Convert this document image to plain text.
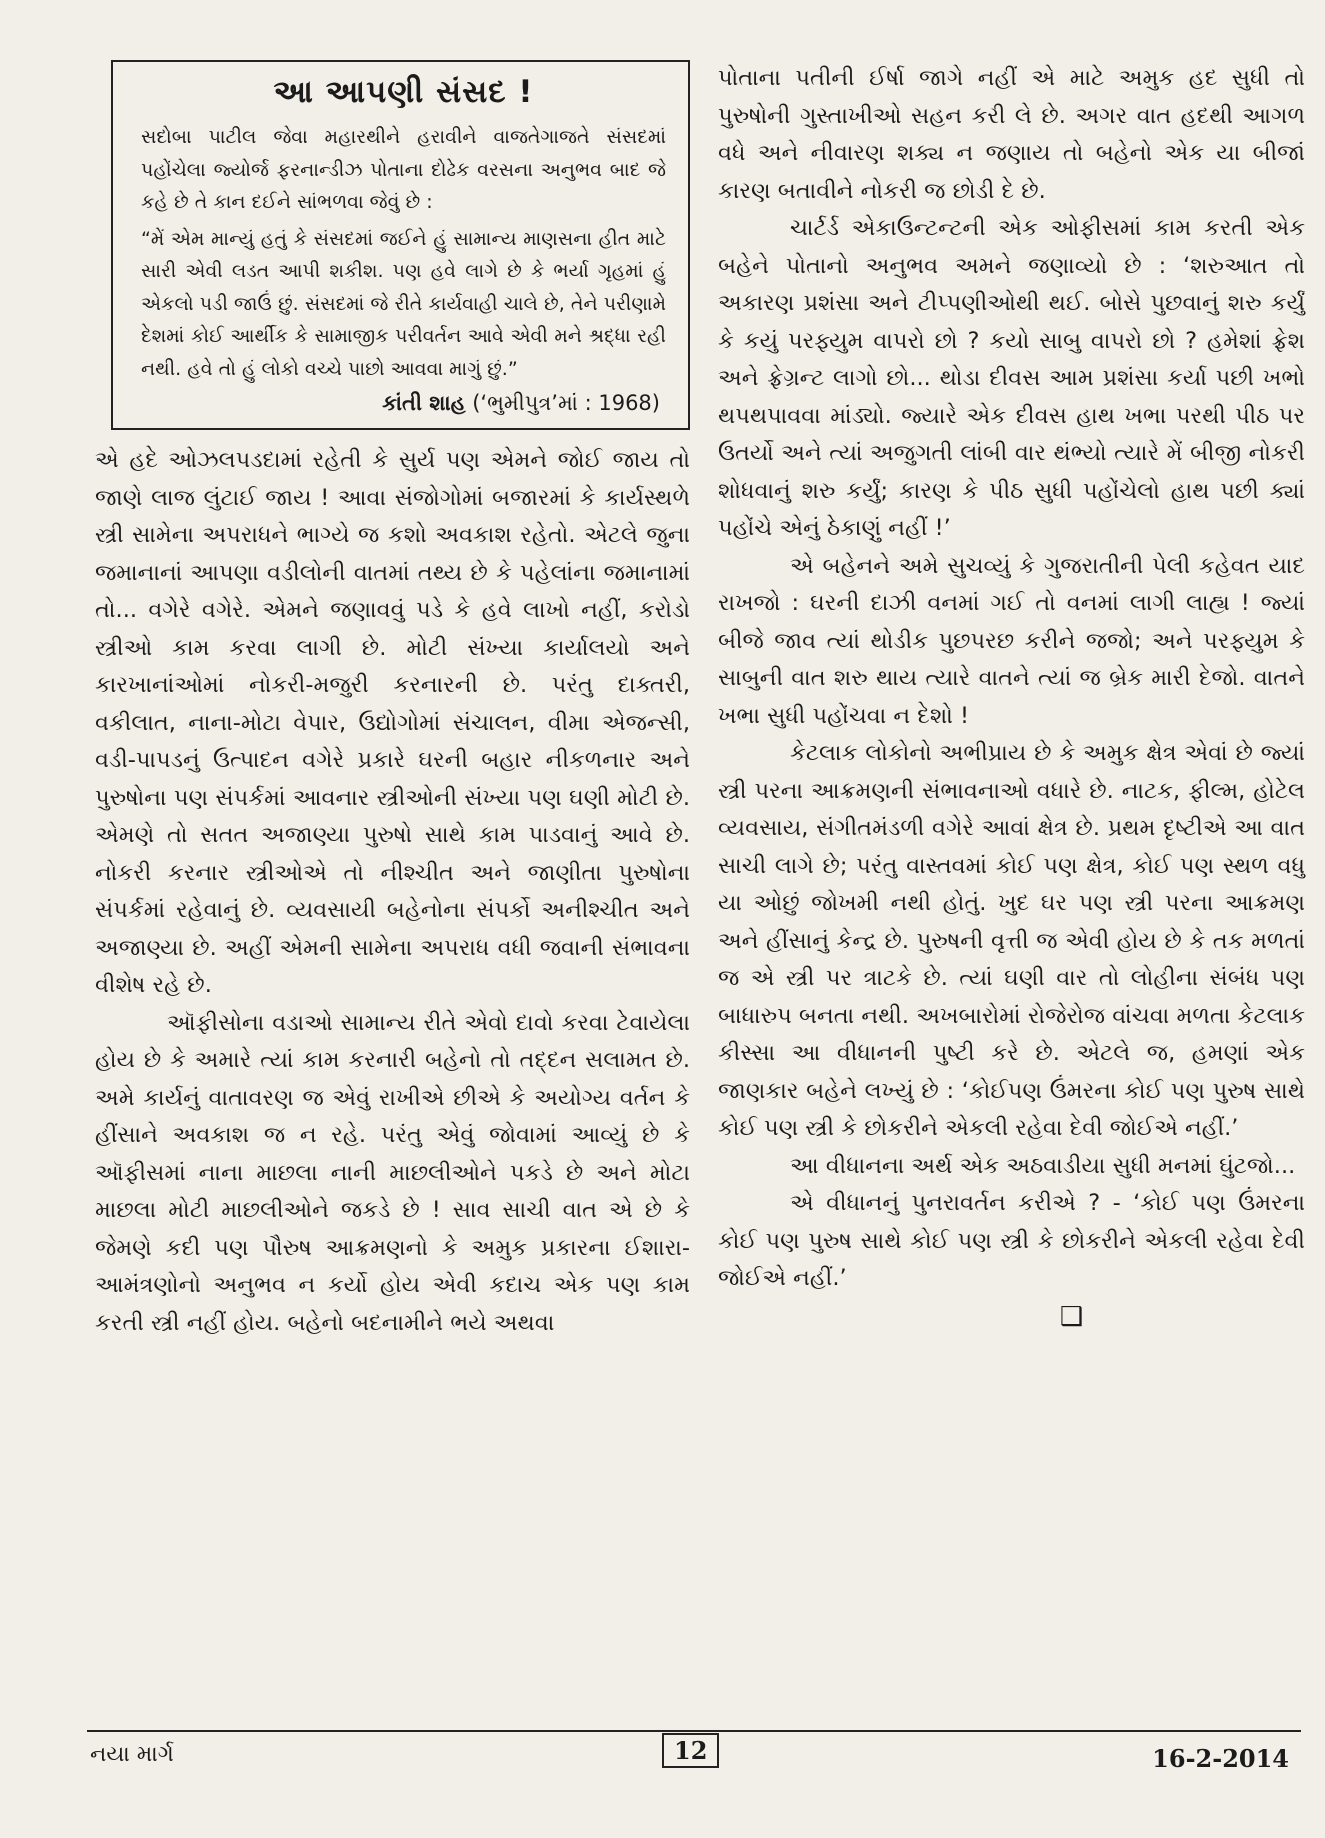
આ આપણી સંસદ !

સદોબા પાટીલ જેવા મહારથીને હરાવીને વાજતેગાજતે સંસદમાં પહોંચેલા જ્યોર્જ ફરનાન્ડીઝ પોતાના દોઢેક વરસના અનુભવ બાદ જે કહે છે તે કાન દઈને સાંભળવા જેવું છે :

“મેં એમ માન્યું હતું કે સંસદમાં જઈને હું સામાન્ય માણસના હીત માટે સારી એવી લડત આપી શકીશ. પણ હવે લાગે છે કે ભર્યા ગૃહમાં હું એકલો પડી જાઉં છું. સંસદમાં જે રીતે કાર્યવાહી ચાલે છે, તેને પરીણામે દેશમાં કોઈ આર્થીક કે સામાજીક પરીવર્તન આવે એવી મને શ્રદ્ધા રહી નથી. હવે તો હું લોકો વચ્ચે પાછો આવવા માગું છું.”

કાંતી શાહ (‘ભુમીપુત્ર’માં : 1968)

એ હદે ઓઝલપડદામાં રહેતી કે સુર્ય પણ એમને જોઈ જાય તો જાણે લાજ લુંટાઈ જાય ! આવા સંજોગોમાં બજારમાં કે કાર્યસ્થળે સ્ત્રી સામેના અપરાધને ભાગ્યે જ કશો અવકાશ રહેતો. એટલે જુના જમાનાનાં આપણા વડીલોની વાતમાં તથ્ય છે કે પહેલાંના જમાનામાં તો... વગેરે વગેરે. એમને જણાવવું પડે કે હવે લાખો નહીં, કરોડો સ્ત્રીઓ કામ કરવા લાગી છે. મોટી સંખ્યા કાર્યાલયો અને કારખાનાંઓમાં નોકરી-મજુરી કરનારની છે. પરંતુ દાક્તરી, વકીલાત, નાના-મોટા વેપાર, ઉદ્યોગોમાં સંચાલન, વીમા એજન્સી, વડી-પાપડનું ઉત્પાદન વગેરે પ્રકારે ઘરની બહાર નીકળનાર અને પુરુષોના પણ સંપર્કમાં આવનાર સ્ત્રીઓની સંખ્યા પણ ઘણી મોટી છે. એમણે તો સતત અજાણ્યા પુરુષો સાથે કામ પાડવાનું આવે છે. નોકરી કરનાર સ્ત્રીઓએ તો નીશ્ચીત અને જાણીતા પુરુષોના સંપર્કમાં રહેવાનું છે. વ્યવસાયી બહેનોના સંપર્કો અનીશ્ચીત અને અજાણ્યા છે. અહીં એમની સામેના અપરાધ વધી જવાની સંભાવના વીશેષ રહે છે.

ઑફીસોના વડાઓ સામાન્ય રીતે એવો દાવો કરવા ટેવાયેલા હોય છે કે અમારે ત્યાં કામ કરનારી બહેનો તો તદ્દન સલામત છે. અમે કાર્યનું વાતાવરણ જ એવું રાખીએ છીએ કે અયોગ્ય વર્તન કે હીંસાને અવકાશ જ ન રહે. પરંતુ એવું જોવામાં આવ્યું છે કે ઑફીસમાં નાના માછલા નાની માછલીઓને પકડે છે અને મોટા માછલા મોટી માછલીઓને જકડે છે ! સાવ સાચી વાત એ છે કે જેમણે કદી પણ પૌરુષ આક્રમણનો કે અમુક પ્રકારના ઈશારા-આમંત્રણોનો અનુભવ ન કર્યો હોય એવી કદાચ એક પણ કામ કરતી સ્ત્રી નહીં હોય. બહેનો બદનામીને ભયે અથવા

પોતાના પતીની ઈર્ષા જાગે નહીં એ માટે અમુક હદ સુધી તો પુરુષોની ગુસ્તાખીઓ સહન કરી લે છે. અગર વાત હદથી આગળ વધે અને નીવારણ શક્ય ન જણાય તો બહેનો એક યા બીજાં કારણ બતાવીને નોકરી જ છોડી દે છે.

ચાર્ટર્ડ એકાઉન્ટન્ટની એક ઓફીસમાં કામ કરતી એક બહેને પોતાનો અનુભવ અમને જણાવ્યો છે : ‘શરુઆત તો અકારણ પ્રશંસા અને ટીપ્પણીઓથી થઈ. બોસે પુછવાનું શરુ કર્યું કે કયું પરફ્યુમ વાપરો છો ? કયો સાબુ વાપરો છો ? હમેશાં ફ્રેશ અને ફ્રેગ્રન્ટ લાગો છો... થોડા દીવસ આમ પ્રશંસા કર્યા પછી ખભો થપથપાવવા માંડ્યો. જ્યારે એક દીવસ હાથ ખભા પરથી પીઠ પર ઉતર્યો અને ત્યાં અજુગતી લાંબી વાર થંભ્યો ત્યારે મેં બીજી નોકરી શોધવાનું શરુ કર્યું; કારણ કે પીઠ સુધી પહોંચેલો હાથ પછી ક્યાં પહોંચે એનું ઠેકાણું નહીં !’

એ બહેનને અમે સુચવ્યું કે ગુજરાતીની પેલી કહેવત યાદ રાખજો : ઘરની દાઝી વનમાં ગઈ તો વનમાં લાગી લાહ્ય ! જ્યાં બીજે જાવ ત્યાં થોડીક પુછપરછ કરીને જજો; અને પરફ્યુમ કે સાબુની વાત શરુ થાય ત્યારે વાતને ત્યાં જ બ્રેક મારી દેજો. વાતને ખભા સુધી પહોંચવા ન દેશો !

કેટલાક લોકોનો અભીપ્રાય છે કે અમુક ક્ષેત્ર એવાં છે જ્યાં સ્ત્રી પરના આક્રમણની સંભાવનાઓ વધારે છે. નાટક, ફીલ્મ, હોટેલ વ્યવસાય, સંગીતમંડળી વગેરે આવાં ક્ષેત્ર છે. પ્રથમ દૃષ્ટીએ આ વાત સાચી લાગે છે; પરંતુ વાસ્તવમાં કોઈ પણ ક્ષેત્ર, કોઈ પણ સ્થળ વધુ યા ઓછું જોખમી નથી હોતું. ખુદ ઘર પણ સ્ત્રી પરના આક્રમણ અને હીંસાનું કેન્દ્ર છે. પુરુષની વૃત્તી જ એવી હોય છે કે તક મળતાં જ એ સ્ત્રી પર ત્રાટકે છે. ત્યાં ઘણી વાર તો લોહીના સંબંધ પણ બાધારુપ બનતા નથી. અખબારોમાં રોજેરોજ વાંચવા મળતા કેટલાક કીસ્સા આ વીધાનની પુષ્ટી કરે છે. એટલે જ, હમણાં એક જાણકાર બહેને લખ્યું છે : ‘કોઈપણ ઉંમરના કોઈ પણ પુરુષ સાથે કોઈ પણ સ્ત્રી કે છોકરીને એકલી રહેવા દેવી જોઈએ નહીં.’

આ વીધાનના અર્થ એક અઠવાડીયા સુધી મનમાં ઘુંટજો...

એ વીધાનનું પુનરાવર્તન કરીએ ? - ‘કોઈ પણ ઉંમરના કોઈ પણ પુરુષ સાથે કોઈ પણ સ્ત્રી કે છોકરીને એકલી રહેવા દેવી જોઈએ નહીં.’

❑
નયા માર્ગ	12	16-2-2014
